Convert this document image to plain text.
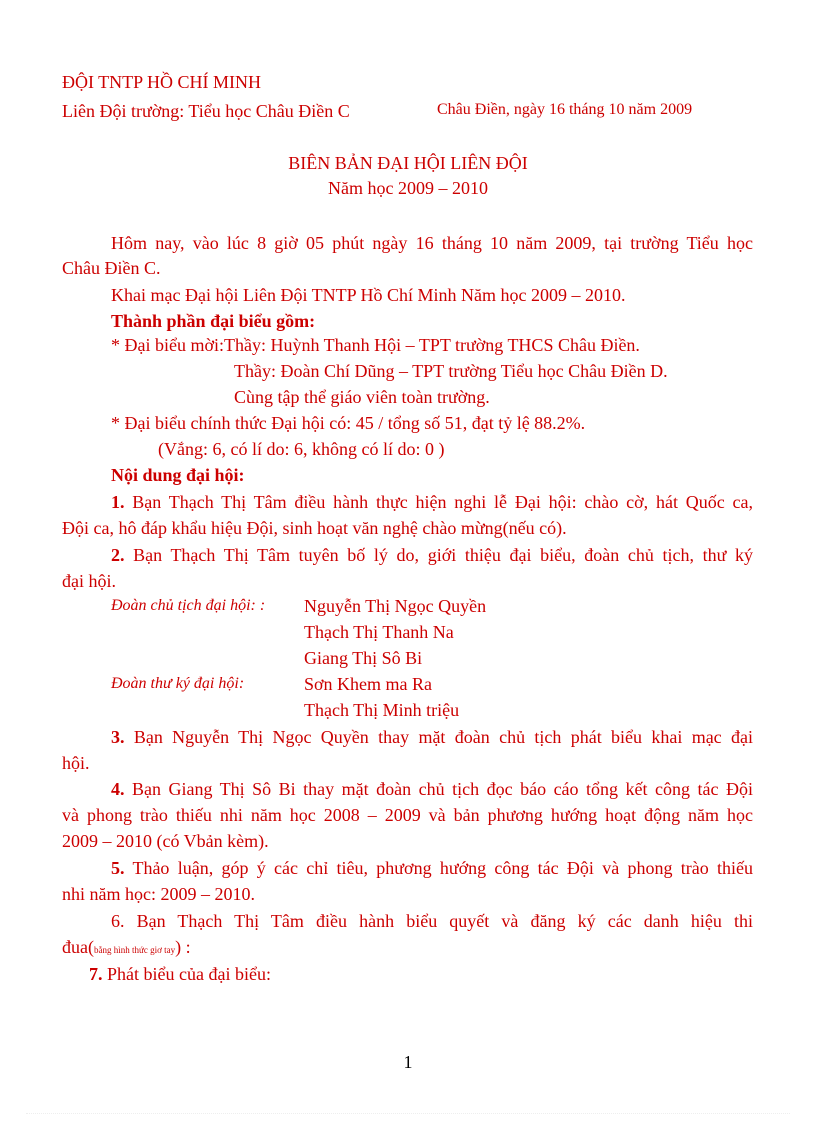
ĐỘI TNTP HỒ CHÍ MINH
Liên Đội trường: Tiểu học Châu Điền C	Châu Điền, ngày 16 tháng 10 năm 2009
BIÊN BẢN ĐẠI HỘI LIÊN ĐỘI
Năm học 2009 – 2010
Hôm nay, vào lúc 8 giờ 05 phút ngày 16 tháng 10 năm 2009, tại trường Tiểu học
Châu Điền C.
Khai mạc Đại hội Liên Đội TNTP Hồ Chí Minh Năm học 2009 – 2010.
Thành phần đại biểu gồm:
* Đại biểu mời:Thầy: Huỳnh Thanh Hội – TPT trường THCS Châu Điền.
Thầy: Đoàn Chí Dũng – TPT trường Tiểu học Châu Điền D.
Cùng tập thể giáo viên toàn trường.
* Đại biểu chính thức Đại hội có: 45 / tổng số 51, đạt tỷ lệ 88.2%.
(Vắng: 6, có lí do: 6, không có lí do: 0 )
Nội dung đại hội:
1. Bạn Thạch Thị Tâm điều hành thực hiện nghi lễ Đại hội: chào cờ, hát Quốc ca,
Đội ca, hô đáp khẩu hiệu Đội, sinh hoạt văn nghệ chào mừng(nếu có).
2. Bạn Thạch Thị Tâm tuyên bố lý do, giới thiệu đại biểu, đoàn chủ tịch, thư ký
đại hội.
Đoàn chủ tịch đại hội: : Nguyễn Thị Ngọc Quyền
Thạch Thị Thanh Na
Giang Thị Sô Bi
Đoàn thư ký đại hội:	Sơn Khem ma Ra
Thạch Thị Minh triệu
3. Bạn Nguyễn Thị Ngọc Quyền thay mặt đoàn chủ tịch phát biểu khai mạc đại
hội.
4. Bạn Giang Thị Sô Bi thay mặt đoàn chủ tịch đọc báo cáo tổng kết công tác Đội
và phong trào thiếu nhi năm học 2008 – 2009 và bản phương hướng hoạt động năm học
2009 – 2010 (có Vbản kèm).
5. Thảo luận, góp ý các chỉ tiêu, phương hướng công tác Đội và phong trào thiếu
nhi năm học: 2009 – 2010.
6. Bạn Thạch Thị Tâm điều hành biểu quyết và đăng ký các danh hiệu thi
đua(bằng hình thức giơ tay) :
7. Phát biểu của đại biểu:
1
